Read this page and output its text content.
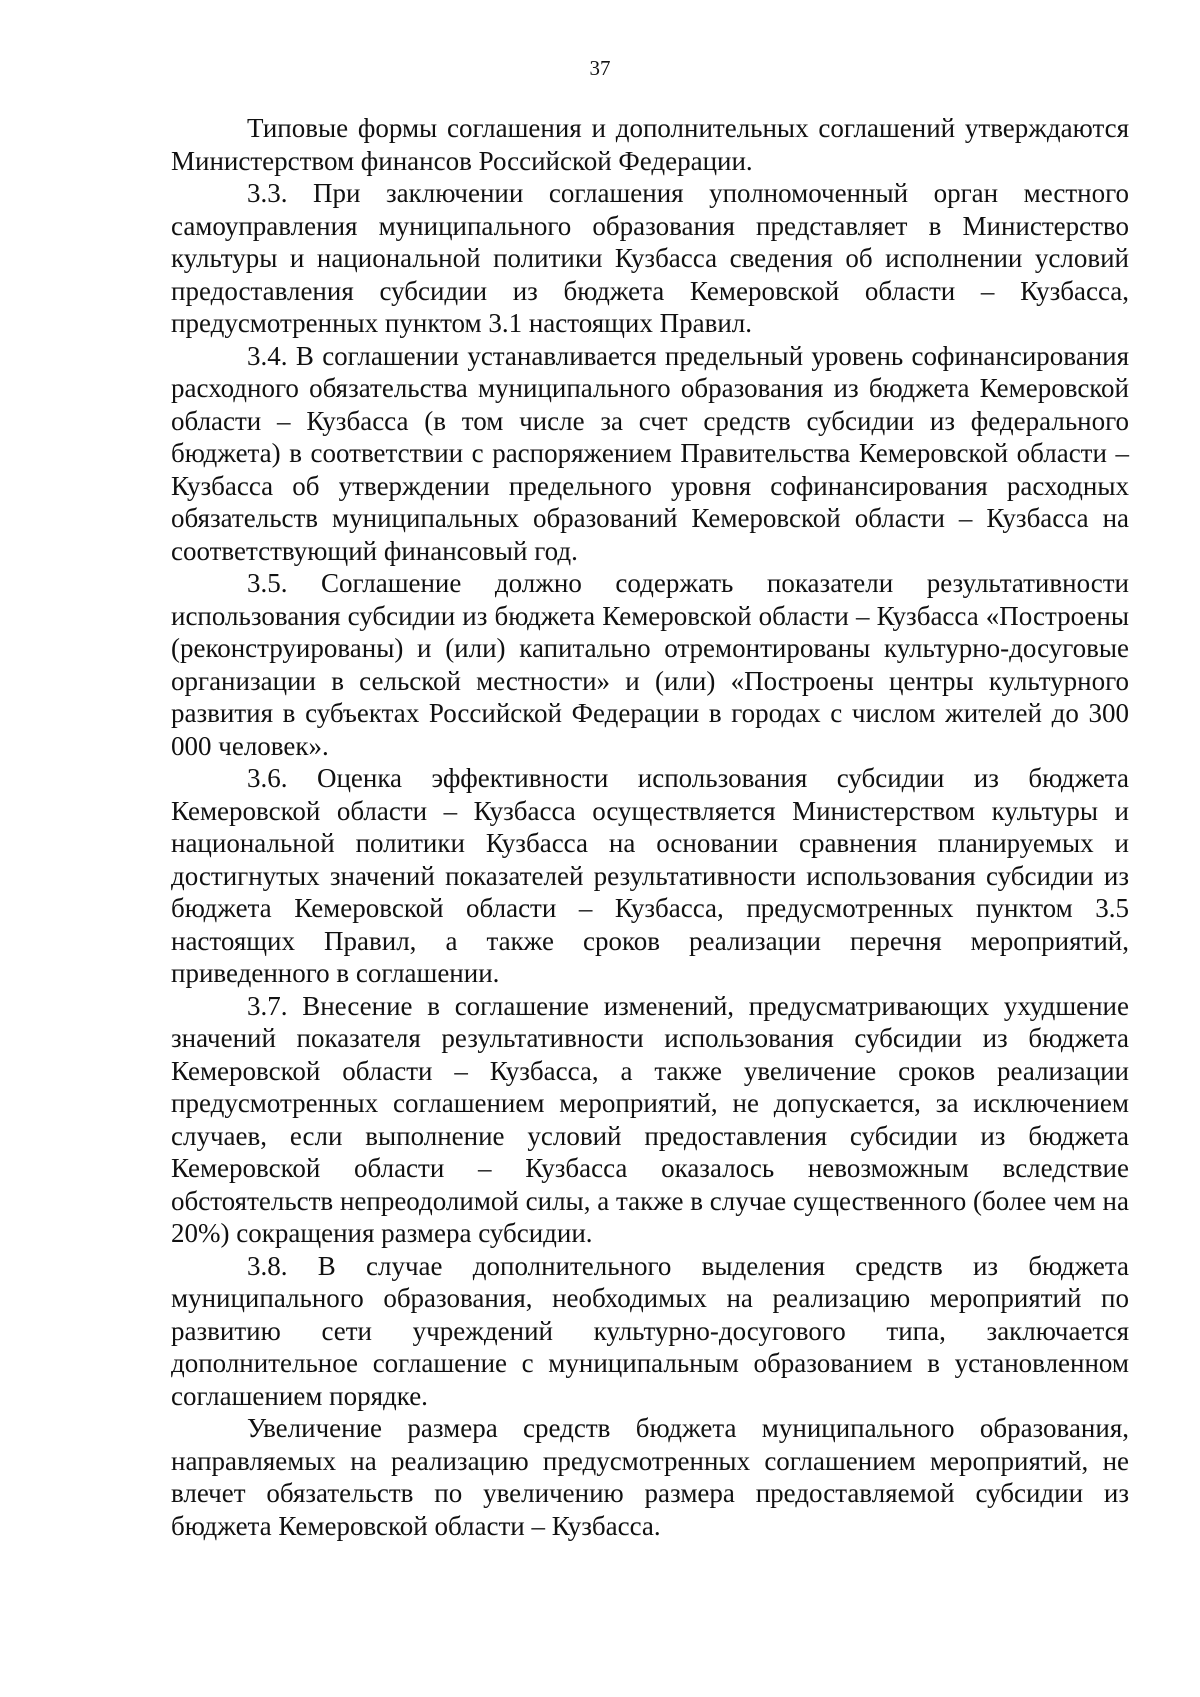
37

Типовые формы соглашения и дополнительных соглашений утверждаются Министерством финансов Российской Федерации.

3.3. При заключении соглашения уполномоченный орган местного самоуправления муниципального образования представляет в Министерство культуры и национальной политики Кузбасса сведения об исполнении условий предоставления субсидии из бюджета Кемеровской области – Кузбасса, предусмотренных пунктом 3.1 настоящих Правил.

3.4. В соглашении устанавливается предельный уровень софинансирования расходного обязательства муниципального образования из бюджета Кемеровской области – Кузбасса (в том числе за счет средств субсидии из федерального бюджета) в соответствии с распоряжением Правительства Кемеровской области – Кузбасса об утверждении предельного уровня софинансирования расходных обязательств муниципальных образований Кемеровской области – Кузбасса на соответствующий финансовый год.

3.5. Соглашение должно содержать показатели результативности использования субсидии из бюджета Кемеровской области – Кузбасса «Построены (реконструированы) и (или) капитально отремонтированы культурно-досуговые организации в сельской местности» и (или) «Построены центры культурного развития в субъектах Российской Федерации в городах с числом жителей до 300 000 человек».

3.6. Оценка эффективности использования субсидии из бюджета Кемеровской области – Кузбасса осуществляется Министерством культуры и национальной политики Кузбасса на основании сравнения планируемых и достигнутых значений показателей результативности использования субсидии из бюджета Кемеровской области – Кузбасса, предусмотренных пунктом 3.5 настоящих Правил, а также сроков реализации перечня мероприятий, приведенного в соглашении.

3.7. Внесение в соглашение изменений, предусматривающих ухудшение значений показателя результативности использования субсидии из бюджета Кемеровской области – Кузбасса, а также увеличение сроков реализации предусмотренных соглашением мероприятий, не допускается, за исключением случаев, если выполнение условий предоставления субсидии из бюджета Кемеровской области – Кузбасса оказалось невозможным вследствие обстоятельств непреодолимой силы, а также в случае существенного (более чем на 20%) сокращения размера субсидии.

3.8. В случае дополнительного выделения средств из бюджета муниципального образования, необходимых на реализацию мероприятий по развитию сети учреждений культурно-досугового типа, заключается дополнительное соглашение с муниципальным образованием в установленном соглашением порядке.

Увеличение размера средств бюджета муниципального образования, направляемых на реализацию предусмотренных соглашением мероприятий, не влечет обязательств по увеличению размера предоставляемой субсидии из бюджета Кемеровской области – Кузбасса.
